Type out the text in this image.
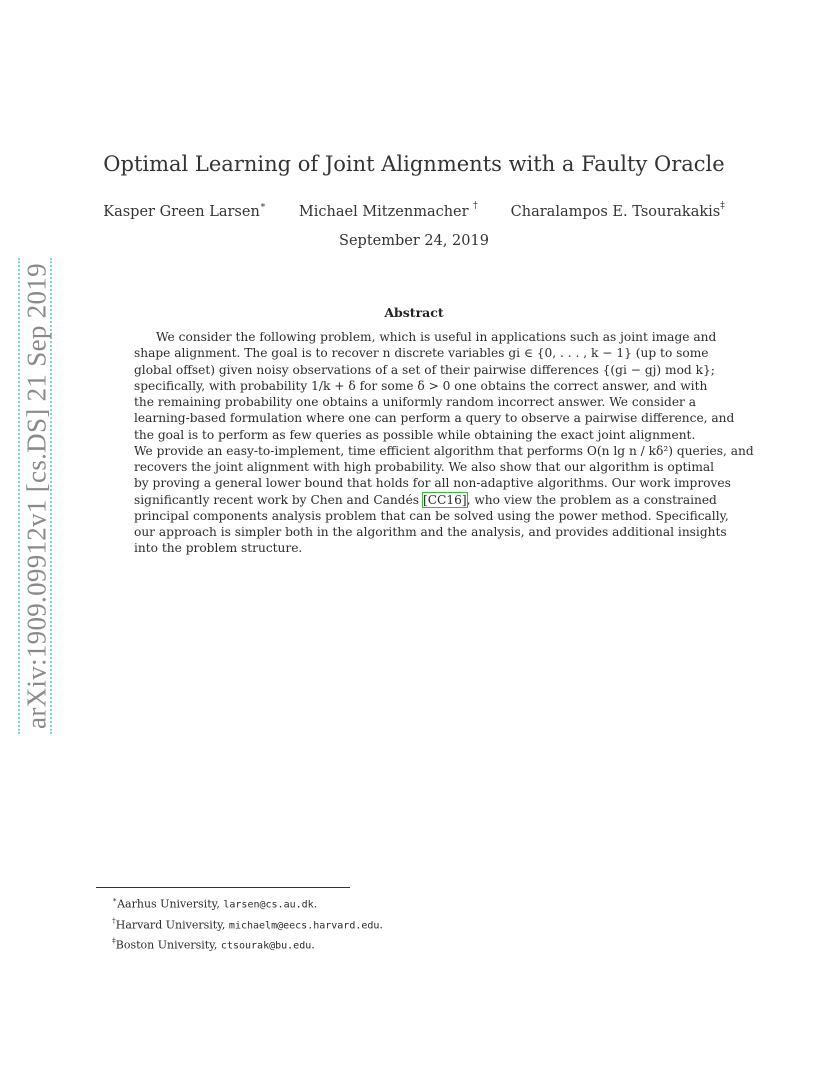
arXiv:1909.09912v1 [cs.DS] 21 Sep 2019
Optimal Learning of Joint Alignments with a Faulty Oracle
Kasper Green Larsen∗ Michael Mitzenmacher † Charalampos E. Tsourakakis‡
September 24, 2019
Abstract
We consider the following problem, which is useful in applications such as joint image and
shape alignment. The goal is to recover n discrete variables gi ∈ {0, . . . , k − 1} (up to some
global offset) given noisy observations of a set of their pairwise differences {(gi − gj) mod k};
specifically, with probability 1/k + δ for some δ > 0 one obtains the correct answer, and with
the remaining probability one obtains a uniformly random incorrect answer. We consider a
learning-based formulation where one can perform a query to observe a pairwise difference, and
the goal is to perform as few queries as possible while obtaining the exact joint alignment.
We provide an easy-to-implement, time efficient algorithm that performs O(n lg n / kδ²) queries, and
recovers the joint alignment with high probability. We also show that our algorithm is optimal
by proving a general lower bound that holds for all non-adaptive algorithms. Our work improves
significantly recent work by Chen and Candés [CC16], who view the problem as a constrained
principal components analysis problem that can be solved using the power method. Specifically,
our approach is simpler both in the algorithm and the analysis, and provides additional insights
into the problem structure.
∗Aarhus University, larsen@cs.au.dk.
†Harvard University, michaelm@eecs.harvard.edu.
‡Boston University, ctsourak@bu.edu.
